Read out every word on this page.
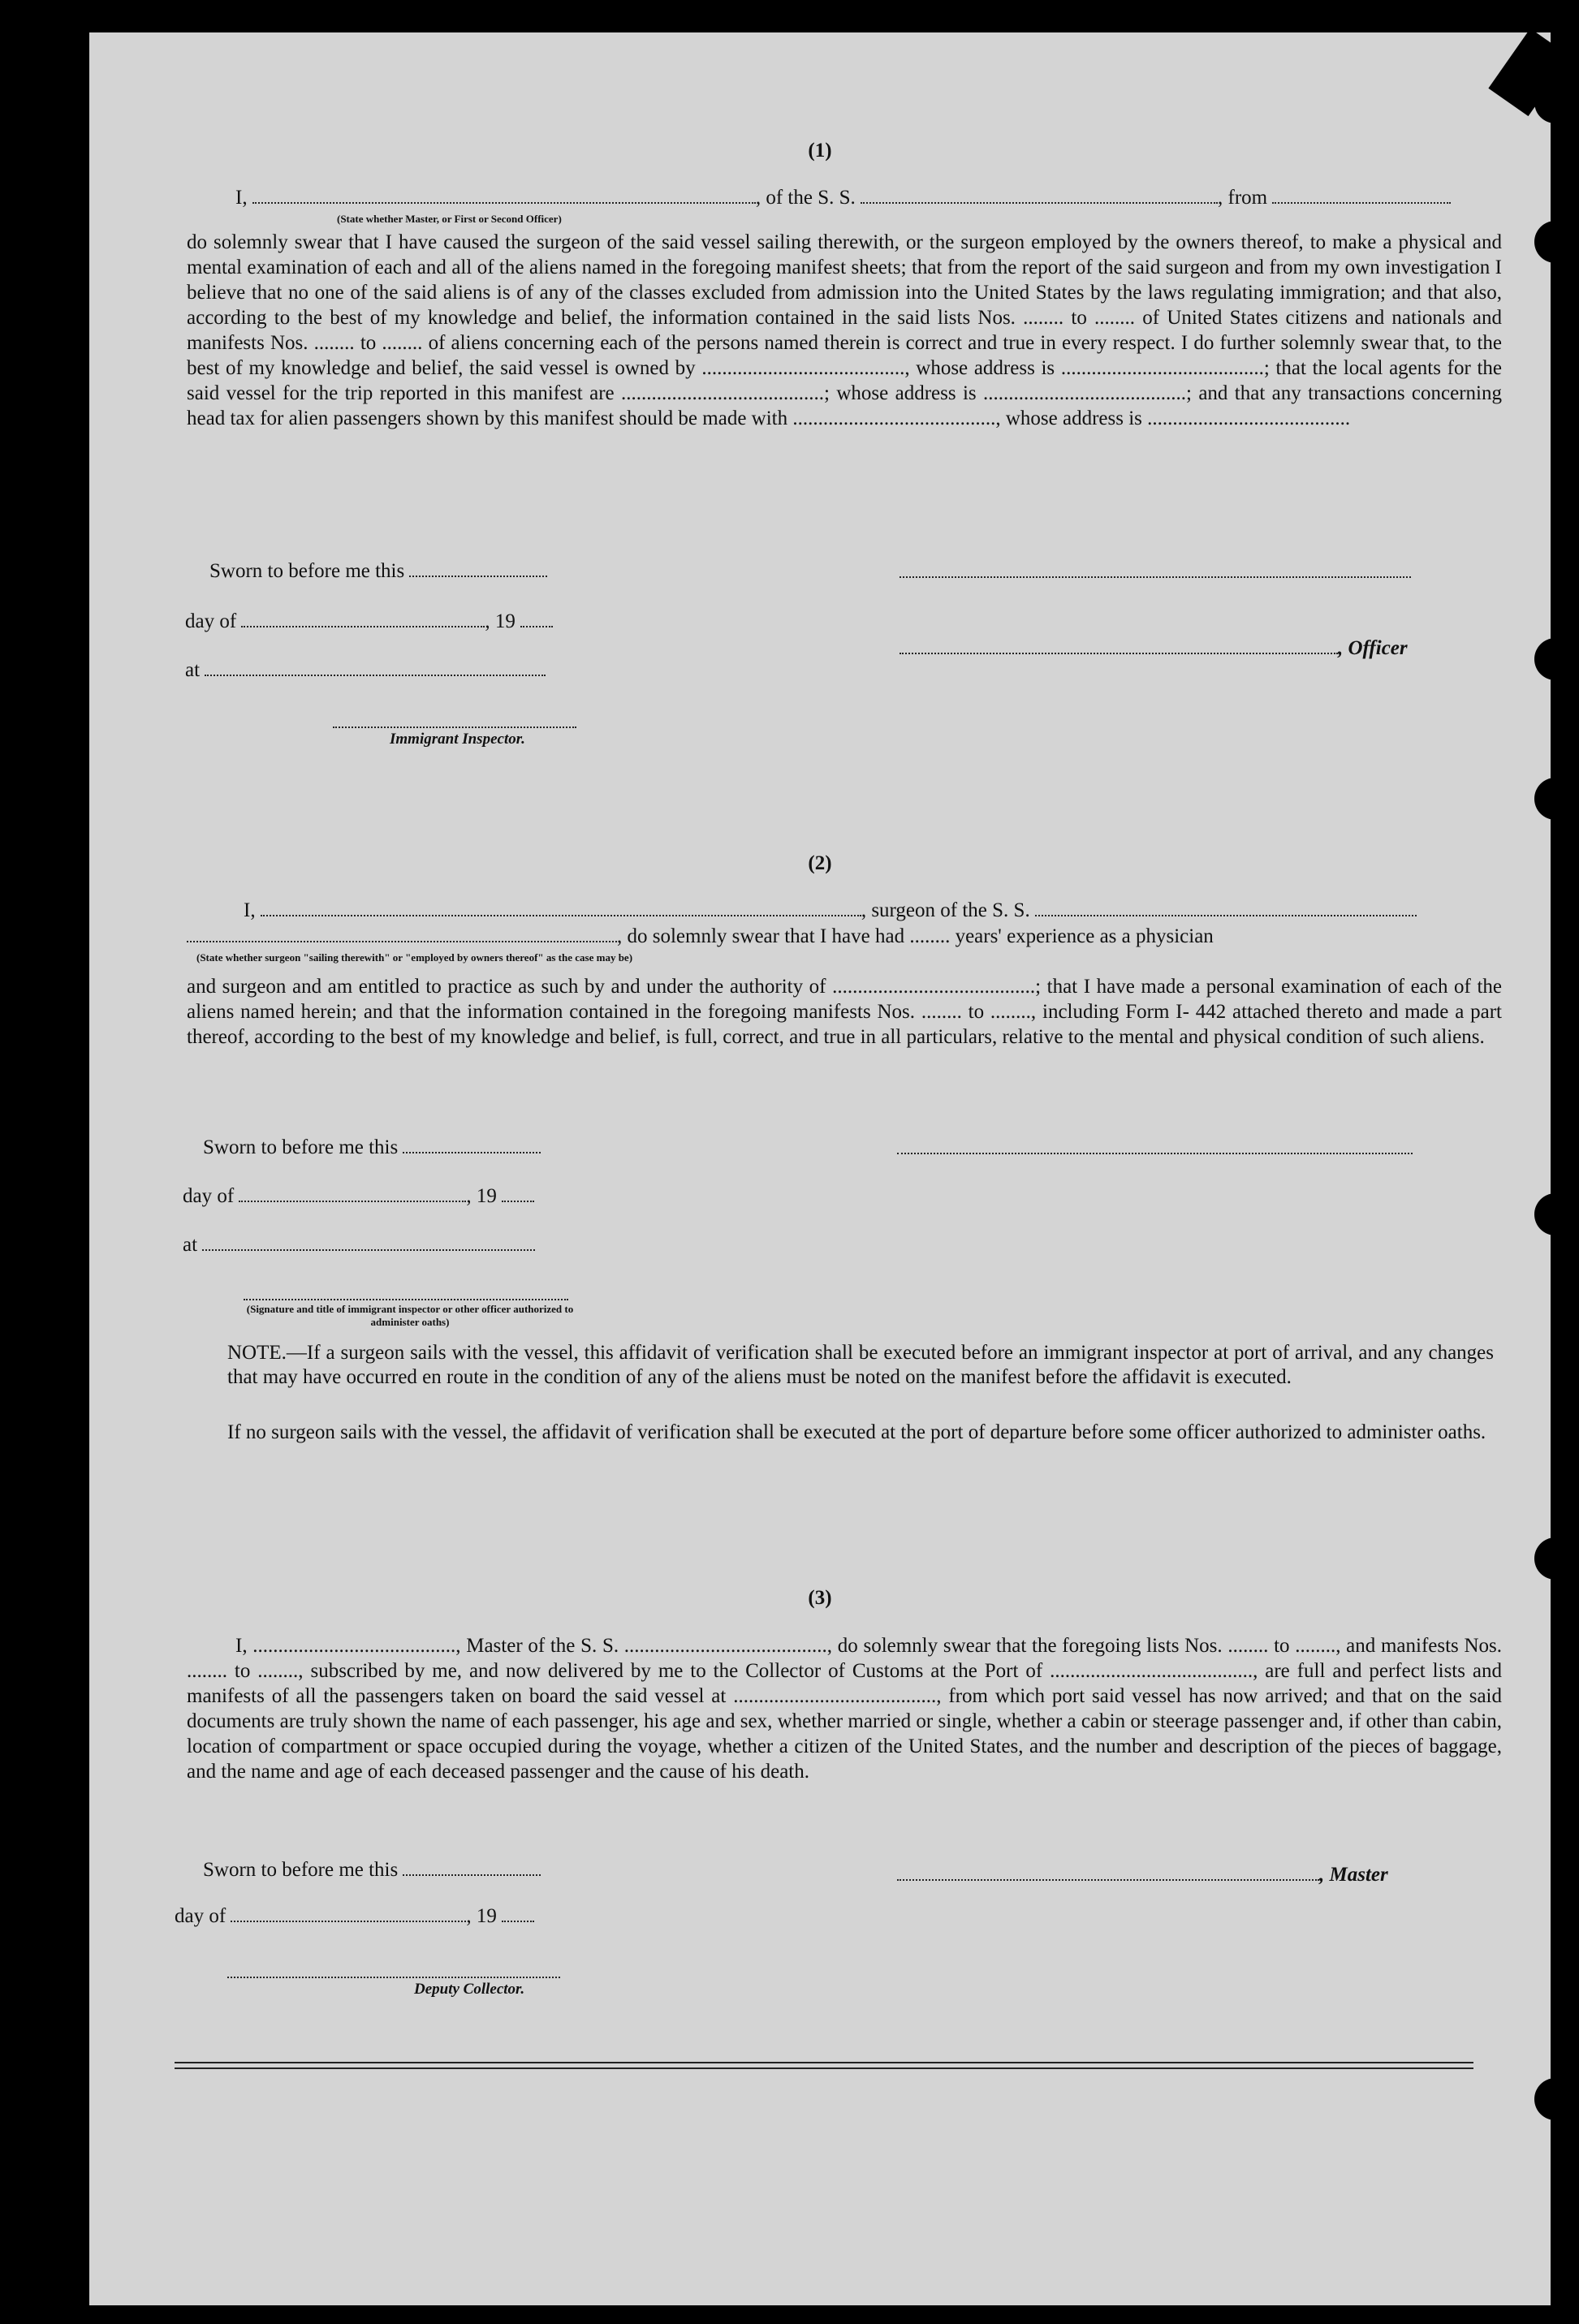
(1)
I,	, of the S. S.	, from
(State whether Master, or First or Second Officer)
do solemnly swear that I have caused the surgeon of the said vessel sailing therewith, or the surgeon employed by the owners thereof, to make a physical and mental examination of each and all of the aliens named in the foregoing manifest sheets; that from the report of the said surgeon and from my own investigation I believe that no one of the said aliens is of any of the classes excluded from admission into the United States by the laws regulating immigration; and that also, according to the best of my knowledge and belief, the information contained in the said lists Nos. ........ to ........ of United States citizens and nationals and manifests Nos. ........ to ........ of aliens concerning each of the persons named therein is correct and true in every respect. I do further solemnly swear that, to the best of my knowledge and belief, the said vessel is owned by ........................................, whose address is ........................................; that the local agents for the said vessel for the trip reported in this manifest are ........................................; whose address is ........................................; and that any transactions concerning head tax for alien passengers shown by this manifest should be made with ........................................, whose address is ........................................
Sworn to before me this
day of	, 19
, Officer
at
Immigrant Inspector.
(2)
I,	, surgeon of the S. S.
, do solemnly swear that I have had ........ years' experience as a physician
(State whether surgeon "sailing therewith" or "employed by owners thereof" as the case may be)
and surgeon and am entitled to practice as such by and under the authority of ........................................; that I have made a personal examination of each of the aliens named herein; and that the information contained in the foregoing manifests Nos. ........ to ........, including Form I- 442 attached thereto and made a part thereof, according to the best of my knowledge and belief, is full, correct, and true in all particulars, relative to the mental and physical condition of such aliens.
Sworn to before me this
day of	, 19
at
(Signature and title of immigrant inspector or other officer authorized to administer oaths)
NOTE.—If a surgeon sails with the vessel, this affidavit of verification shall be executed before an immigrant inspector at port of arrival, and any changes that may have occurred en route in the condition of any of the aliens must be noted on the manifest before the affidavit is executed.
If no surgeon sails with the vessel, the affidavit of verification shall be executed at the port of departure before some officer authorized to administer oaths.
(3)
I, ........................................, Master of the S. S. ........................................, do solemnly swear that the foregoing lists Nos. ........ to ........, and manifests Nos. ........ to ........, subscribed by me, and now delivered by me to the Collector of Customs at the Port of ........................................, are full and perfect lists and manifests of all the passengers taken on board the said vessel at ........................................, from which port said vessel has now arrived; and that on the said documents are truly shown the name of each passenger, his age and sex, whether married or single, whether a cabin or steerage passenger and, if other than cabin, location of compartment or space occupied during the voyage, whether a citizen of the United States, and the number and description of the pieces of baggage, and the name and age of each deceased passenger and the cause of his death.
Sworn to before me this	, Master
day of	, 19
Deputy Collector.
